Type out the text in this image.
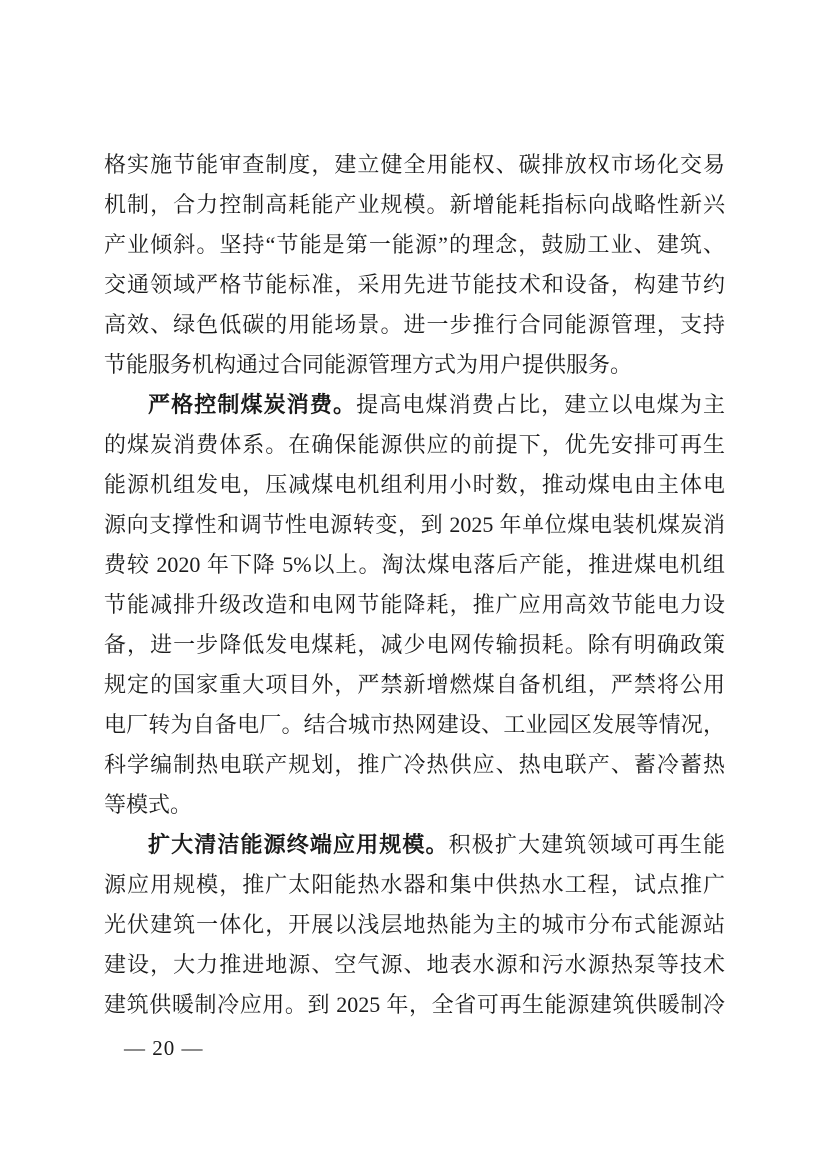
格实施节能审查制度，建立健全用能权、碳排放权市场化交易
机制，合力控制高耗能产业规模。新增能耗指标向战略性新兴
产业倾斜。坚持“节能是第一能源”的理念，鼓励工业、建筑、
交通领域严格节能标准，采用先进节能技术和设备，构建节约
高效、绿色低碳的用能场景。进一步推行合同能源管理，支持
节能服务机构通过合同能源管理方式为用户提供服务。
严格控制煤炭消费。提高电煤消费占比，建立以电煤为主
的煤炭消费体系。在确保能源供应的前提下，优先安排可再生
能源机组发电，压减煤电机组利用小时数，推动煤电由主体电
源向支撑性和调节性电源转变，到 2025 年单位煤电装机煤炭消
费较 2020 年下降 5%以上。淘汰煤电落后产能，推进煤电机组
节能减排升级改造和电网节能降耗，推广应用高效节能电力设
备，进一步降低发电煤耗，减少电网传输损耗。除有明确政策
规定的国家重大项目外，严禁新增燃煤自备机组，严禁将公用
电厂转为自备电厂。结合城市热网建设、工业园区发展等情况，
科学编制热电联产规划，推广冷热供应、热电联产、蓄冷蓄热
等模式。
扩大清洁能源终端应用规模。积极扩大建筑领域可再生能
源应用规模，推广太阳能热水器和集中供热水工程，试点推广
光伏建筑一体化，开展以浅层地热能为主的城市分布式能源站
建设，大力推进地源、空气源、地表水源和污水源热泵等技术
建筑供暖制冷应用。到 2025 年，全省可再生能源建筑供暖制冷
— 20 —
